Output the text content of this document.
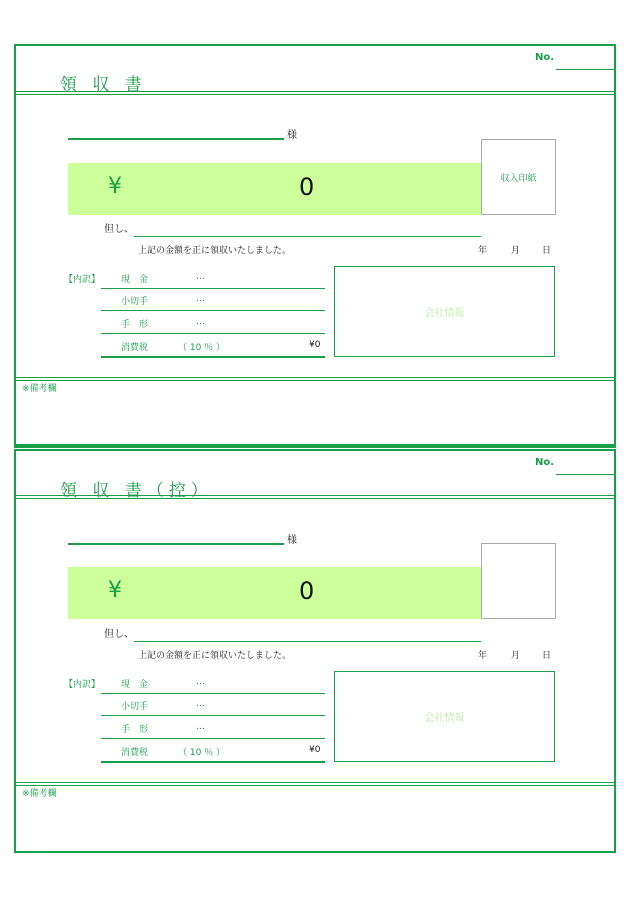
No.
領 収 書
様
¥	0	収入印紙
但し、
上記の金額を正に領収いたしました。	年	月 日
【内訳】 現　金	…
小切手	…
手　形	…
消費税	（ 10 ％ ）	¥0
会社情報
※備考欄
No.
領 収 書（控）
様
¥	0
但し、
上記の金額を正に領収いたしました。	年	月 日
【内訳】 現　金	…
小切手	…
手　形	…
消費税	（ 10 ％ ）	¥0
会社情報
※備考欄
